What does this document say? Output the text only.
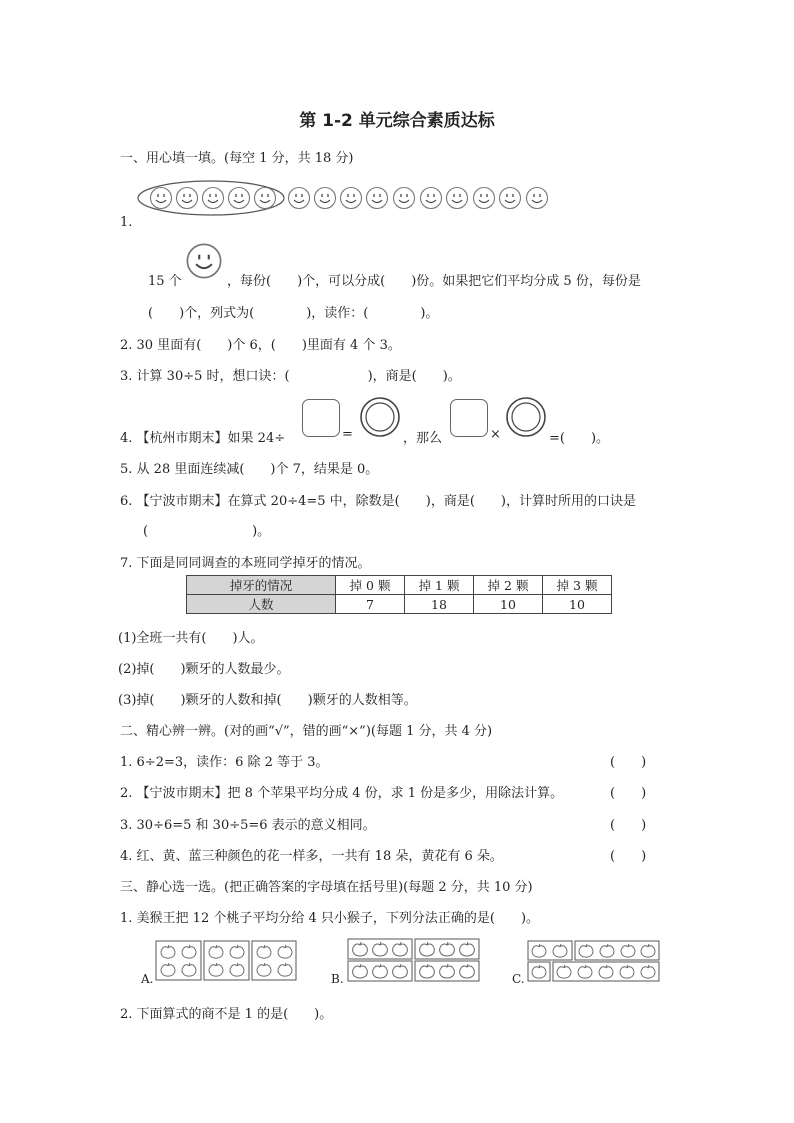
第 1-2 单元综合素质达标
一、用心填一填。(每空 1 分，共 18 分)
1.
15 个	，每份(　　)个，可以分成(　　)份。如果把它们平均分成 5 份，每份是
(　　)个，列式为(　　　　)，读作：(　　　　)。
2. 30 里面有(　　)个 6，(　　)里面有 4 个 3。
3. 计算 30÷5 时，想口诀：(　　　　　　)，商是(　　)。
4. 【杭州市期末】如果 24÷	=	，那么	×	=(　　)。
5. 从 28 里面连续减(　　)个 7，结果是 0。
6. 【宁波市期末】在算式 20÷4=5 中，除数是(　　)，商是(　　)，计算时所用的口诀是
(　　　　　　　　)。
7. 下面是同同调查的本班同学掉牙的情况。
掉牙的情况	掉 0 颗	掉 1 颗	掉 2 颗	掉 3 颗
人数	7	18	10	10
(1)全班一共有(　　)人。
(2)掉(　　)颗牙的人数最少。
(3)掉(　　)颗牙的人数和掉(　　)颗牙的人数相等。
二、精心辨一辨。(对的画“√”，错的画“×”)(每题 1 分，共 4 分)
1. 6÷2=3，读作：6 除 2 等于 3。	(　　)
2. 【宁波市期末】把 8 个苹果平均分成 4 份，求 1 份是多少，用除法计算。	(　　)
3. 30÷6=5 和 30÷5=6 表示的意义相同。	(　　)
4. 红、黄、蓝三种颜色的花一样多，一共有 18 朵，黄花有 6 朵。	(　　)
三、静心选一选。(把正确答案的字母填在括号里)(每题 2 分，共 10 分)
1. 美猴王把 12 个桃子平均分给 4 只小猴子，下列分法正确的是(　　)。
A.	B.	C.
2. 下面算式的商不是 1 的是(　　)。
